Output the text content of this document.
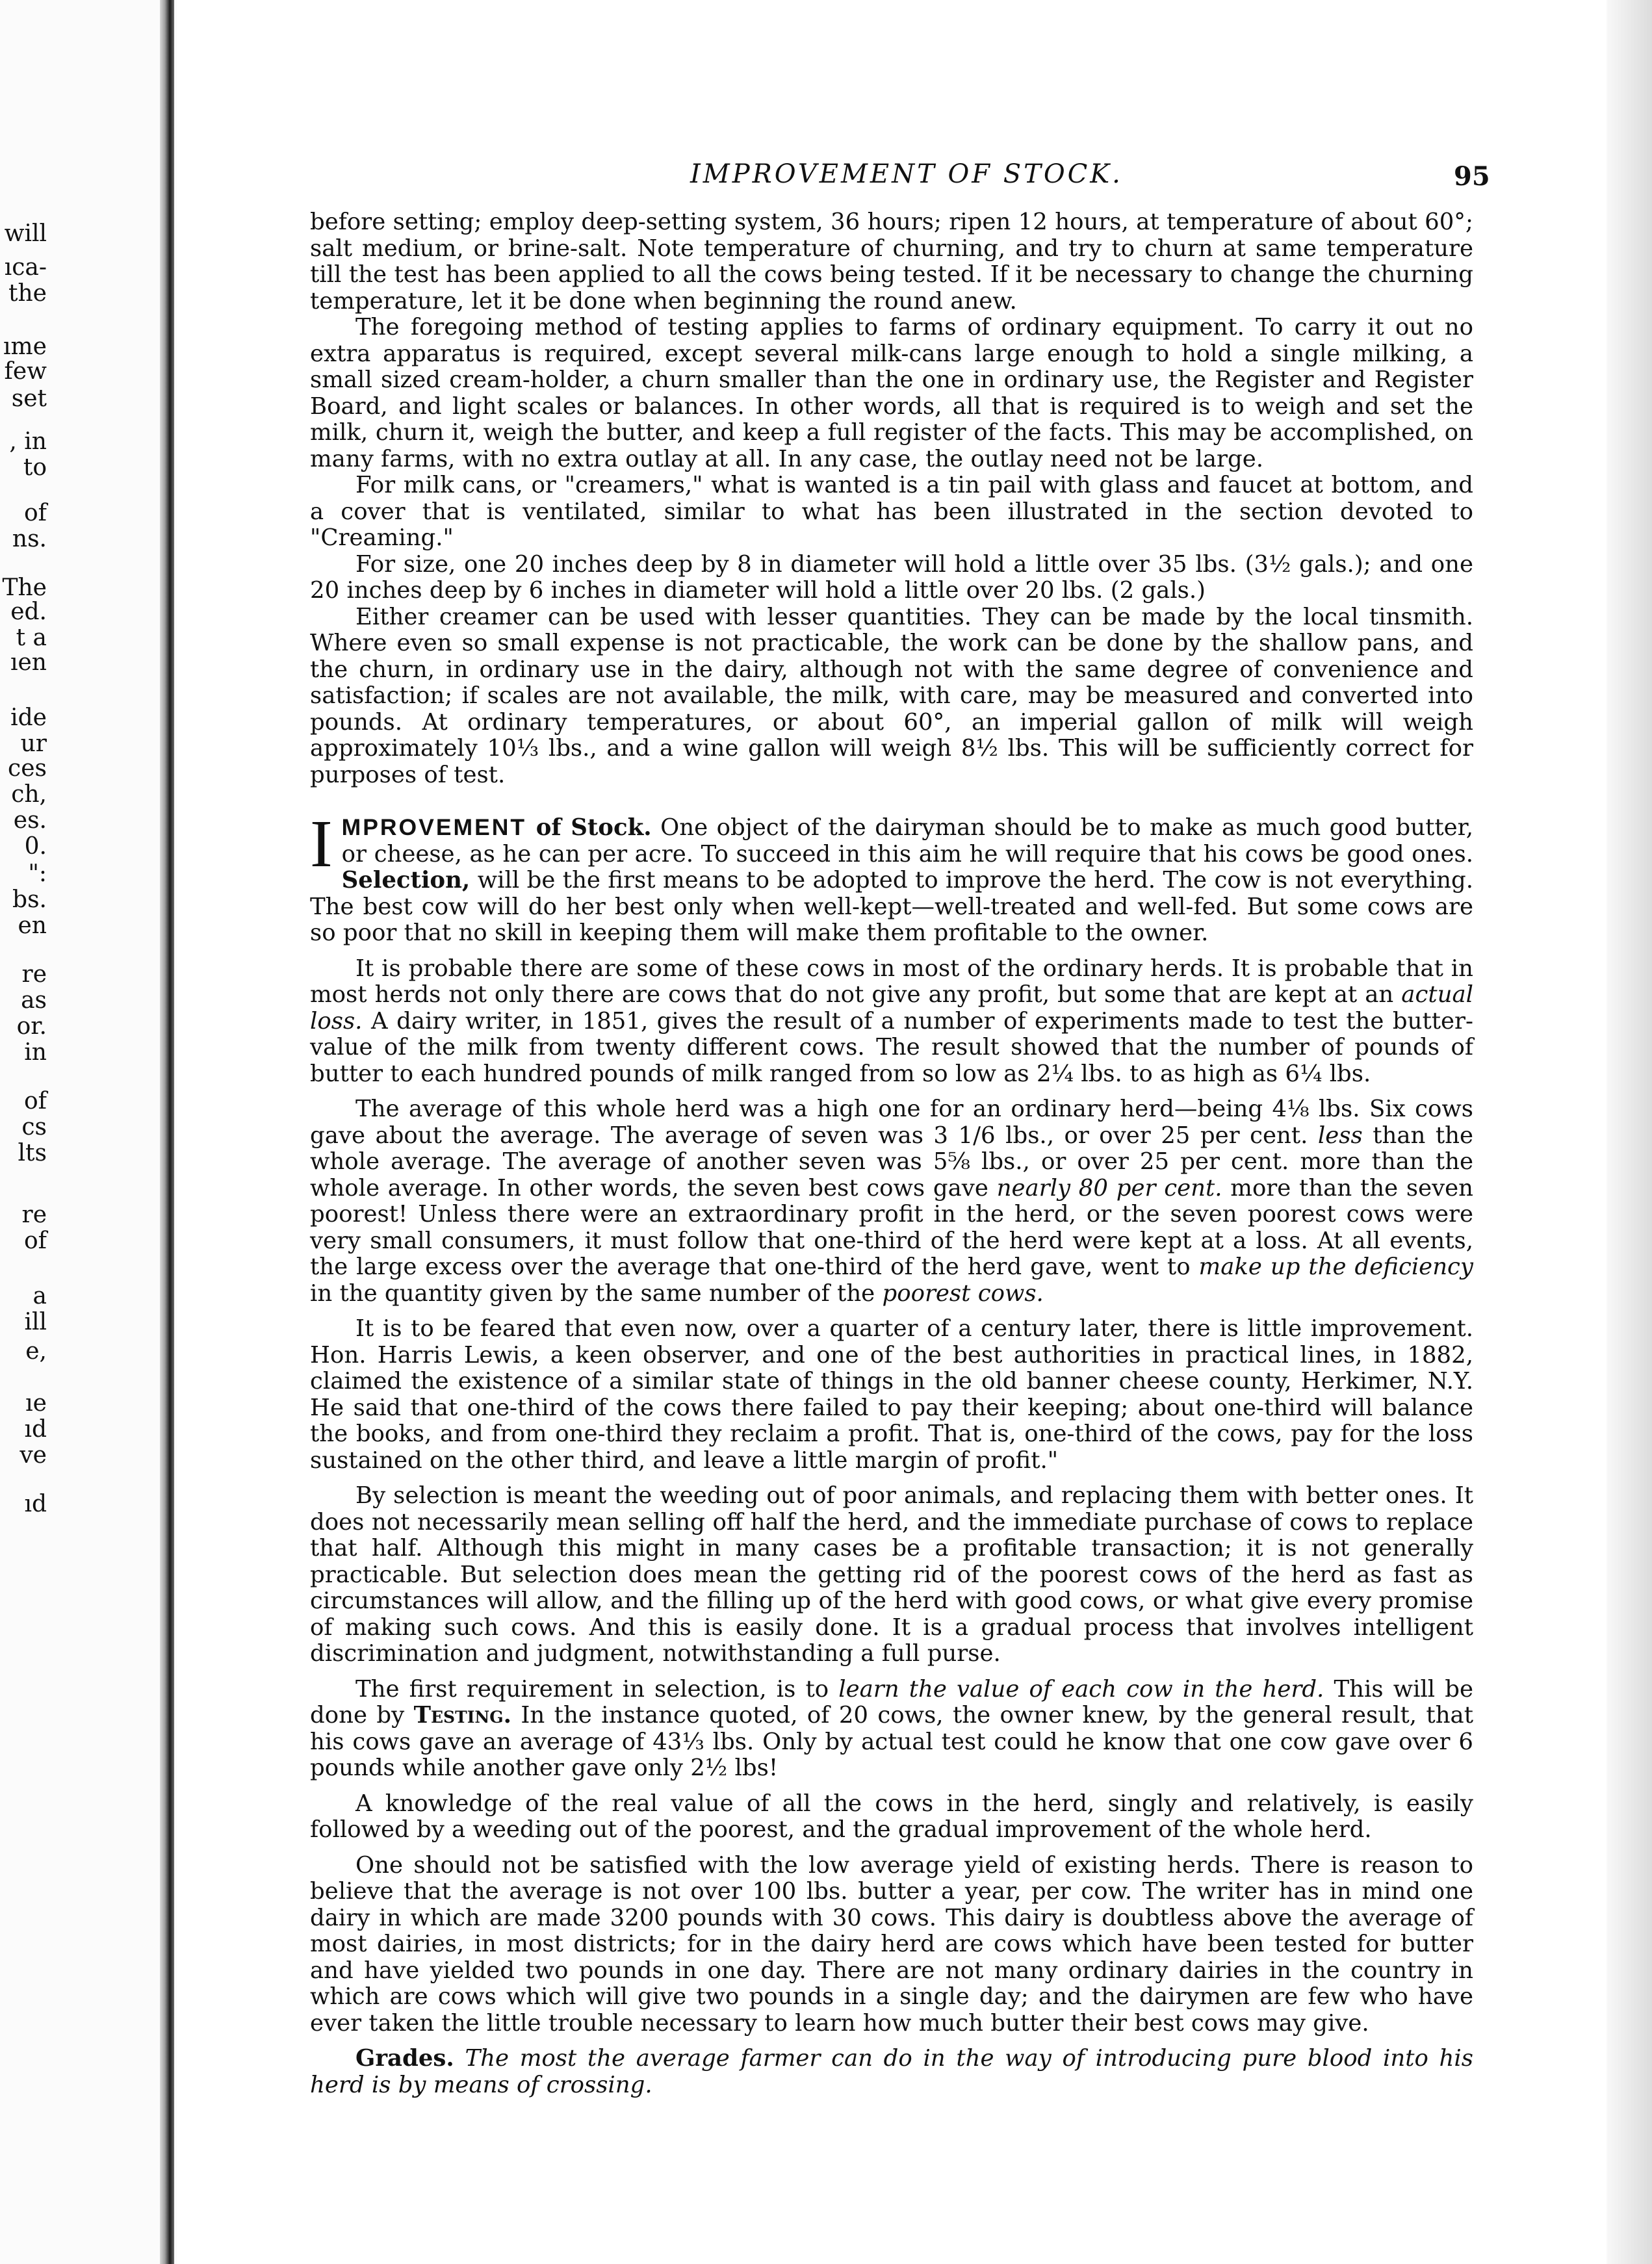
will
ıca-
the
ıme
few
set
, in
to
of
ns.
The
ed.
t a
ıen
ide
ur
ces
ch,
es.
0.
":
bs.
en
re
as
or.
in
of
cs
lts
re
of
a
ill
e,
ıe
ıd
ve
ıd
IMPROVEMENT OF STOCK.	95

before setting; employ deep-setting system, 36 hours; ripen 12 hours, at temperature of about 60°; salt medium, or brine-salt. Note temperature of churning, and try to churn at same temperature till the test has been applied to all the cows being tested. If it be necessary to change the churning temperature, let it be done when beginning the round anew.

The foregoing method of testing applies to farms of ordinary equipment. To carry it out no extra apparatus is required, except several milk-cans large enough to hold a single milking, a small sized cream-holder, a churn smaller than the one in ordinary use, the Register and Register Board, and light scales or balances. In other words, all that is required is to weigh and set the milk, churn it, weigh the butter, and keep a full register of the facts. This may be accomplished, on many farms, with no extra outlay at all. In any case, the outlay need not be large.

For milk cans, or "creamers," what is wanted is a tin pail with glass and faucet at bottom, and a cover that is ventilated, similar to what has been illustrated in the section devoted to "Creaming."

For size, one 20 inches deep by 8 in diameter will hold a little over 35 lbs. (3½ gals.); and one 20 inches deep by 6 inches in diameter will hold a little over 20 lbs. (2 gals.)

Either creamer can be used with lesser quantities. They can be made by the local tinsmith. Where even so small expense is not practicable, the work can be done by the shallow pans, and the churn, in ordinary use in the dairy, although not with the same degree of convenience and satisfaction; if scales are not available, the milk, with care, may be measured and converted into pounds. At ordinary temperatures, or about 60°, an imperial gallon of milk will weigh approximately 10⅓ lbs., and a wine gallon will weigh 8½ lbs. This will be sufficiently correct for purposes of test.

I MPROVEMENT of Stock. One object of the dairyman should be to make as much good butter, or cheese, as he can per acre. To succeed in this aim he will require that his cows be good ones. Selection, will be the first means to be adopted to improve the herd. The cow is not everything. The best cow will do her best only when well-kept—well-treated and well-fed. But some cows are so poor that no skill in keeping them will make them profitable to the owner.

It is probable there are some of these cows in most of the ordinary herds. It is probable that in most herds not only there are cows that do not give any profit, but some that are kept at an actual loss. A dairy writer, in 1851, gives the result of a number of experiments made to test the butter-value of the milk from twenty different cows. The result showed that the number of pounds of butter to each hundred pounds of milk ranged from so low as 2¼ lbs. to as high as 6¼ lbs.

The average of this whole herd was a high one for an ordinary herd—being 4⅛ lbs. Six cows gave about the average. The average of seven was 3 1/6 lbs., or over 25 per cent. less than the whole average. The average of another seven was 5⅝ lbs., or over 25 per cent. more than the whole average. In other words, the seven best cows gave nearly 80 per cent. more than the seven poorest! Unless there were an extraordinary profit in the herd, or the seven poorest cows were very small consumers, it must follow that one-third of the herd were kept at a loss. At all events, the large excess over the average that one-third of the herd gave, went to make up the deficiency in the quantity given by the same number of the poorest cows.

It is to be feared that even now, over a quarter of a century later, there is little improvement. Hon. Harris Lewis, a keen observer, and one of the best authorities in practical lines, in 1882, claimed the existence of a similar state of things in the old banner cheese county, Herkimer, N.Y. He said that one-third of the cows there failed to pay their keeping; about one-third will balance the books, and from one-third they reclaim a profit. That is, one-third of the cows, pay for the loss sustained on the other third, and leave a little margin of profit."

By selection is meant the weeding out of poor animals, and replacing them with better ones. It does not necessarily mean selling off half the herd, and the immediate purchase of cows to replace that half. Although this might in many cases be a profitable transaction; it is not generally practicable. But selection does mean the getting rid of the poorest cows of the herd as fast as circumstances will allow, and the filling up of the herd with good cows, or what give every promise of making such cows. And this is easily done. It is a gradual process that involves intelligent discrimination and judgment, notwithstanding a full purse.

The first requirement in selection, is to learn the value of each cow in the herd. This will be done by Testing. In the instance quoted, of 20 cows, the owner knew, by the general result, that his cows gave an average of 43⅓ lbs. Only by actual test could he know that one cow gave over 6 pounds while another gave only 2½ lbs!

A knowledge of the real value of all the cows in the herd, singly and relatively, is easily followed by a weeding out of the poorest, and the gradual improvement of the whole herd.

One should not be satisfied with the low average yield of existing herds. There is reason to believe that the average is not over 100 lbs. butter a year, per cow. The writer has in mind one dairy in which are made 3200 pounds with 30 cows. This dairy is doubtless above the average of most dairies, in most districts; for in the dairy herd are cows which have been tested for butter and have yielded two pounds in one day. There are not many ordinary dairies in the country in which are cows which will give two pounds in a single day; and the dairymen are few who have ever taken the little trouble necessary to learn how much butter their best cows may give.

Grades. The most the average farmer can do in the way of introducing pure blood into his herd is by means of crossing.
